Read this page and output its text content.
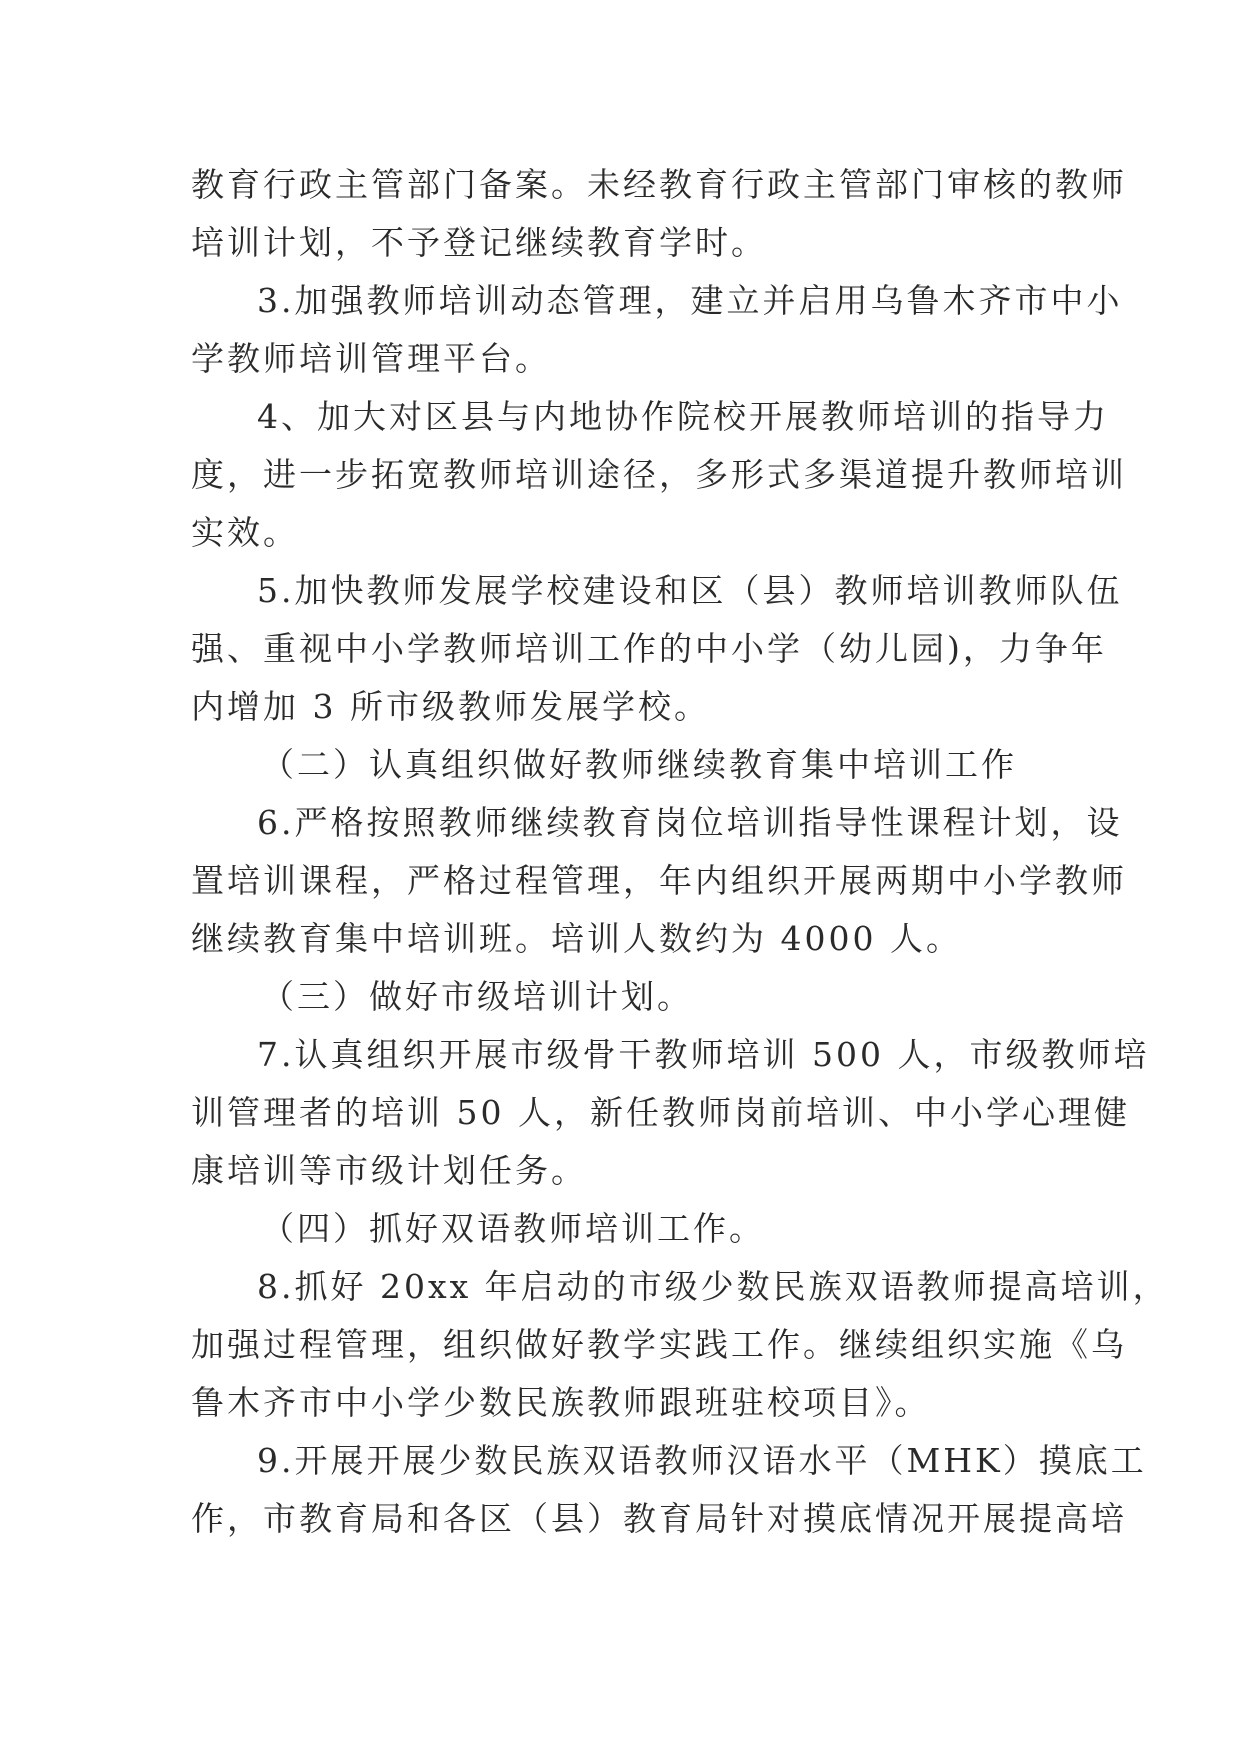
教育行政主管部门备案。未经教育行政主管部门审核的教师
培训计划，不予登记继续教育学时。
3.加强教师培训动态管理，建立并启用乌鲁木齐市中小
学教师培训管理平台。
4、加大对区县与内地协作院校开展教师培训的指导力
度，进一步拓宽教师培训途径，多形式多渠道提升教师培训
实效。
5.加快教师发展学校建设和区（县）教师培训教师队伍
强、重视中小学教师培训工作的中小学（幼儿园)，力争年
内增加 3 所市级教师发展学校。
（二）认真组织做好教师继续教育集中培训工作
6.严格按照教师继续教育岗位培训指导性课程计划，设
置培训课程，严格过程管理，年内组织开展两期中小学教师
继续教育集中培训班。培训人数约为 4000 人。
（三）做好市级培训计划。
7.认真组织开展市级骨干教师培训 500 人，市级教师培
训管理者的培训 50 人，新任教师岗前培训、中小学心理健
康培训等市级计划任务。
（四）抓好双语教师培训工作。
8.抓好 20xx 年启动的市级少数民族双语教师提高培训，
加强过程管理，组织做好教学实践工作。继续组织实施《乌
鲁木齐市中小学少数民族教师跟班驻校项目》。
9.开展开展少数民族双语教师汉语水平（MHK）摸底工
作，市教育局和各区（县）教育局针对摸底情况开展提高培
